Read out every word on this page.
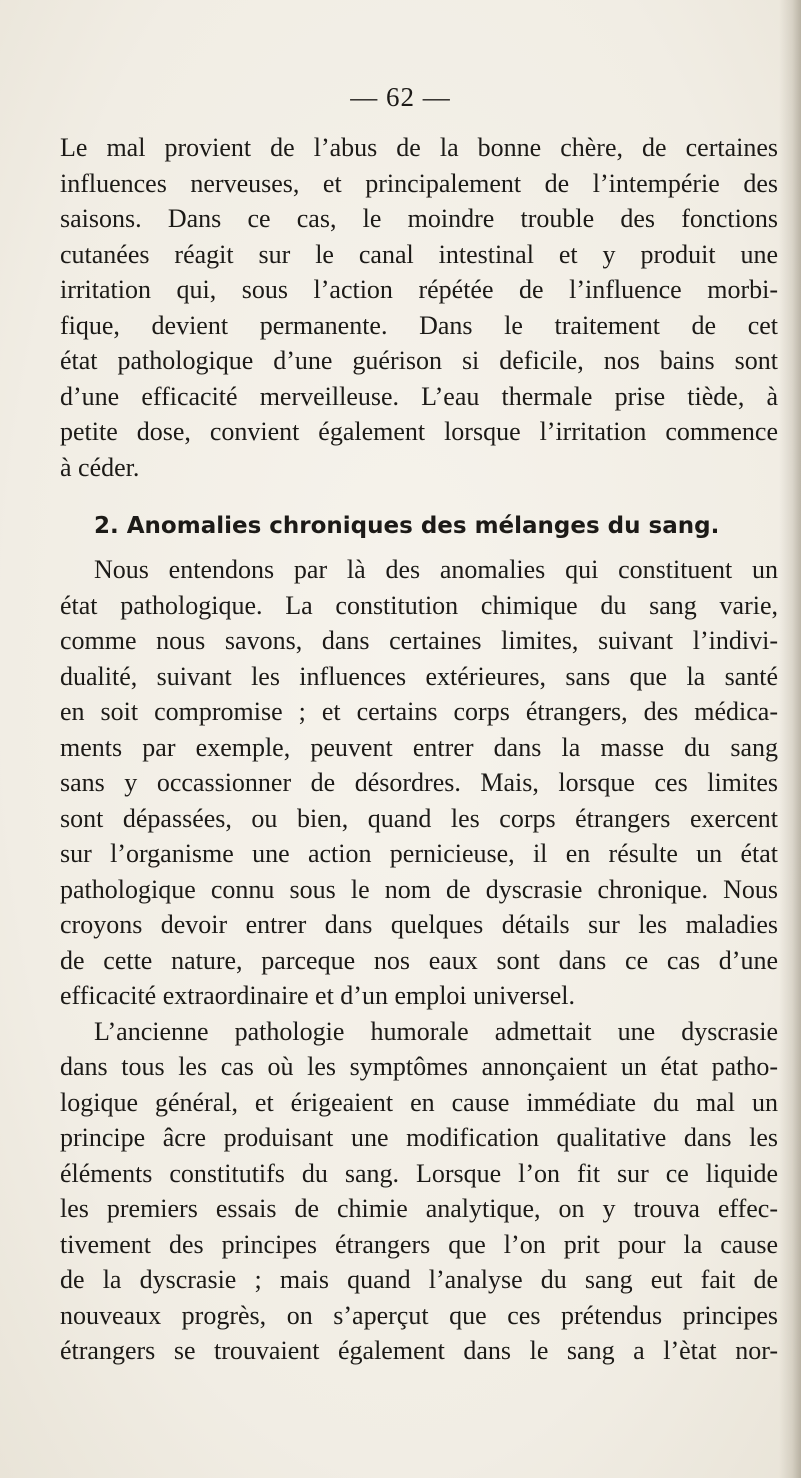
— 62 —
Le mal provient de l’abus de la bonne chère, de certaines
influences nerveuses, et principalement de l’intempérie des
saisons. Dans ce cas, le moindre trouble des fonctions
cutanées réagit sur le canal intestinal et y produit une
irritation qui, sous l’action répétée de l’influence morbi-
fique, devient permanente. Dans le traitement de cet
état pathologique d’une guérison si deficile, nos bains sont
d’une efficacité merveilleuse. L’eau thermale prise tiède, à
petite dose, convient également lorsque l’irritation commence
à céder.
2. Anomalies chroniques des mélanges du sang.
Nous entendons par là des anomalies qui constituent un
état pathologique. La constitution chimique du sang varie,
comme nous savons, dans certaines limites, suivant l’indivi-
dualité, suivant les influences extérieures, sans que la santé
en soit compromise ; et certains corps étrangers, des médica-
ments par exemple, peuvent entrer dans la masse du sang
sans y occassionner de désordres. Mais, lorsque ces limites
sont dépassées, ou bien, quand les corps étrangers exercent
sur l’organisme une action pernicieuse, il en résulte un état
pathologique connu sous le nom de dyscrasie chronique. Nous
croyons devoir entrer dans quelques détails sur les maladies
de cette nature, parceque nos eaux sont dans ce cas d’une
efficacité extraordinaire et d’un emploi universel.
L’ancienne pathologie humorale admettait une dyscrasie
dans tous les cas où les symptômes annonçaient un état patho-
logique général, et érigeaient en cause immédiate du mal un
principe âcre produisant une modification qualitative dans les
éléments constitutifs du sang. Lorsque l’on fit sur ce liquide
les premiers essais de chimie analytique, on y trouva effec-
tivement des principes étrangers que l’on prit pour la cause
de la dyscrasie ; mais quand l’analyse du sang eut fait de
nouveaux progrès, on s’aperçut que ces prétendus principes
étrangers se trouvaient également dans le sang a l’ètat nor-
